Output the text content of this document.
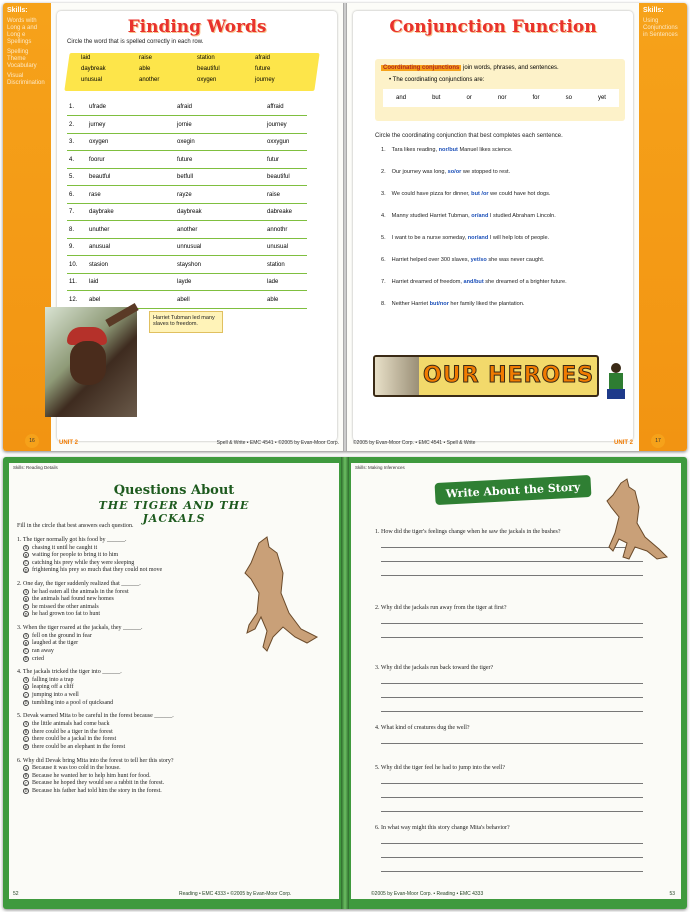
Skills:

Words with Long a and Long e Spellings

Spelling Theme Vocabulary

Visual Discrimination

Finding Words
Circle the word that is spelled correctly in each row.
laid	raise	station	afraid
daybreak	able	beautiful	future
unusual	another	oxygen	journey
1. ufrade	afraid	affraid
2. jurney	jornie	journey
3. oxygen	oxegin	oxxygun
4. foorur	future	futur
5. beautful	betfull	beautiful
6. rase	rayze	raise
7. daybrake	daybreak	dabreake
8. unuther	another	annothr
9. anusual	unnusual	unusual
10. stasion	stayshon	station
11. laid	layde	lade
12. abel	abell	able
Harriet Tubman led many slaves to freedom.
16	UNIT 2	Spell & Write • EMC 4541 • ©2005 by Evan-Moor Corp.
Skills:

Using Conjunctions in Sentences

Conjunction Function
Coordinating conjunctions join words, phrases, and sentences.
• The coordinating conjunctions are:
and	but	or	nor	for	so	yet
Circle the coordinating conjunction that best completes each sentence.
1. Tara likes reading, nor/but Manuel likes science.
2. Our journey was long, so/or we stopped to rest.
3. We could have pizza for dinner, but /or we could have hot dogs.
4. Manny studied Harriet Tubman, or/and I studied Abraham Lincoln.
5. I want to be a nurse someday, nor/and I will help lots of people.
6. Harriet helped over 300 slaves, yet/so she was never caught.
7. Harriet dreamed of freedom, and/but she dreamed of a brighter future.
8. Neither Harriet but/nor her family liked the plantation.
OUR HEROES
©2005 by Evan-Moor Corp. • EMC 4541 • Spell & Write	UNIT 2	17
Skills: Reading Details
Questions About
THE TIGER AND THE JACKALS
Fill in the circle that best answers each question.
1. The tiger normally got his food by ______.
A chasing it until he caught it
B waiting for people to bring it to him
C catching his prey while they were sleeping
D frightening his prey so much that they could not move
2. One day, the tiger suddenly realized that ______.
A he had eaten all the animals in the forest
B the animals had found new homes
C he missed the other animals
D he had grown too fat to hunt
3. When the tiger roared at the jackals, they ______.
A fell on the ground in fear
B laughed at the tiger
C ran away
D cried
4. The jackals tricked the tiger into ______.
A falling into a trap
B leaping off a cliff
C jumping into a well
D tumbling into a pool of quicksand
5. Devak warned Mita to be careful in the forest because ______.
A the little animals had come back
B there could be a tiger in the forest
C there could be a jackal in the forest
D there could be an elephant in the forest
6. Why did Devak bring Mita into the forest to tell her this story?
A Because it was too cold in the house.
B Because he wanted her to help him hunt for food.
C Because he hoped they would see a rabbit in the forest.
D Because his father had told him the story in the forest.
52	Reading • EMC 4333 • ©2005 by Evan-Moor Corp.
Skills: Making Inferences
Write About the Story
1. How did the tiger's feelings change when he saw the jackals in the bushes?
2. Why did the jackals run away from the tiger at first?
3. Why did the jackals run back toward the tiger?
4. What kind of creatures dug the well?
5. Why did the tiger feel he had to jump into the well?
6. In what way might this story change Mita's behavior?
©2005 by Evan-Moor Corp. • Reading • EMC 4333	53
